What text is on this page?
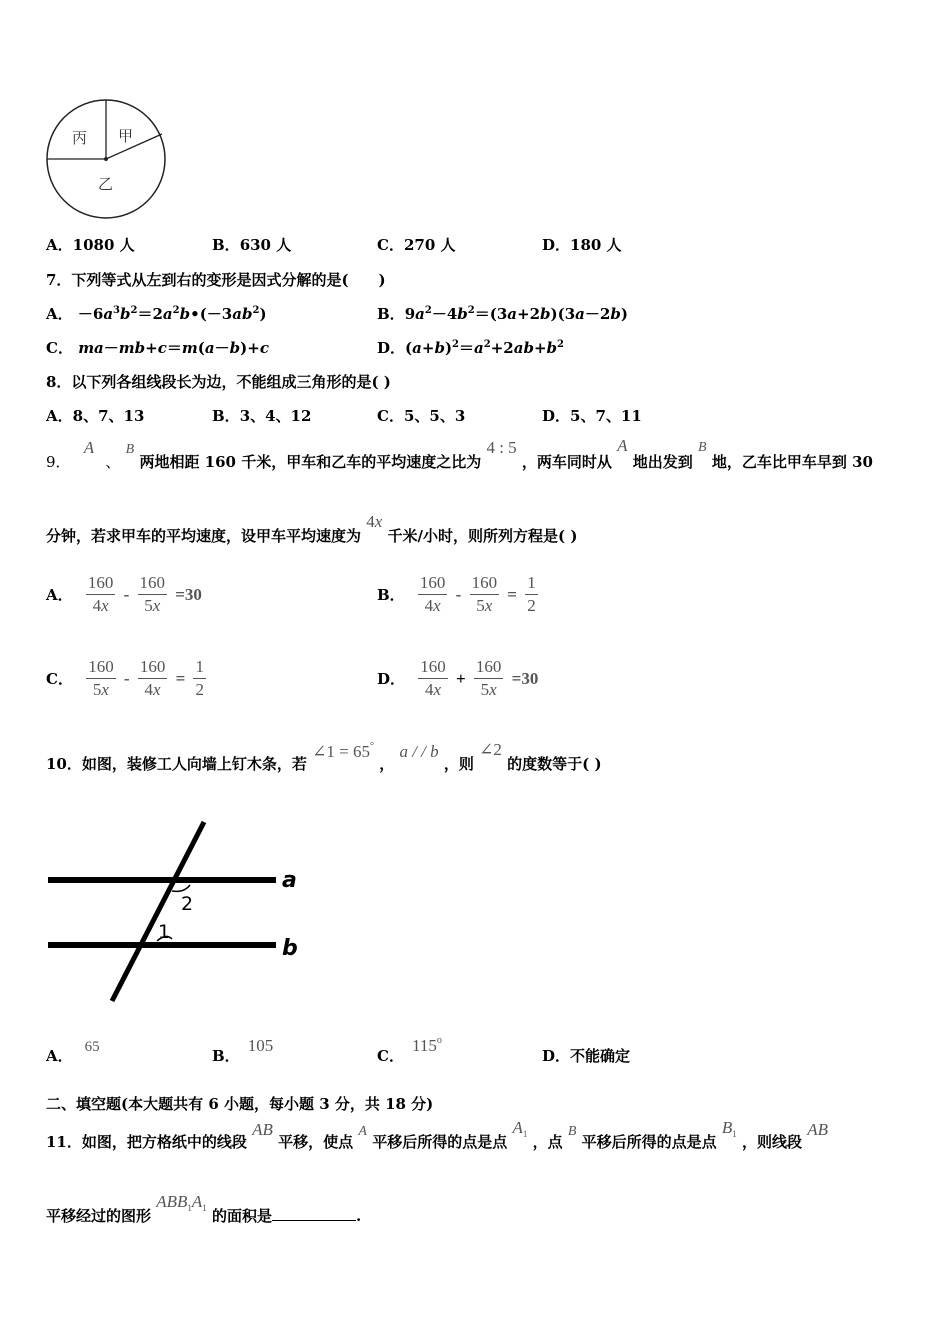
丙 甲
乙
A．1080 人	B．630 人	C．270 人	D．180 人
7．下列等式从左到右的变形是因式分解的是(　　)
A． $-6a^3b^2=2a^2b•(-3ab^2)$	B．$9a^2-4b^2=(3a+2b)(3a-2b)$
C． ma－mb+c＝m(a－b)+c	D．$(a+b)^2=a^2+2ab+b^2$
8．以下列各组线段长为边，不能组成三角形的是( )
A．8、7、13	B．3、4、12	C．5、5、3	D．5、7、11
9． A 、 B 两地相距 160 千米，甲车和乙车的平均速度之比为 4 : 5 ，两车同时从 A 地出发到 B 地，乙车比甲车早到 30
分钟，若求甲车的平均速度，设甲车平均速度为 4x 千米/小时，则所列方程是( )
A． $\frac{160}{4x} - \frac{160}{5x} =30$	B． $\frac{160}{4x} - \frac{160}{5x} = \frac{1}{2}$
C． $\frac{160}{5x} - \frac{160}{4x} = \frac{1}{2}$	D． $\frac{160}{4x} + \frac{160}{5x} =30$
10．如图，装修工人向墙上钉木条，若 ∠1 = 65° ， a / / b ，则 ∠2 的度数等于( )
a
b
2
1
A． 65	B．105
C．115$^o$
D．不能确定
二、填空题(本大题共有 6 小题，每小题 3 分，共 18 分)
11．如图，把方格纸中的线段 AB 平移，使点 A 平移后所得的点是点 A1 ，点 B 平移后所得的点是点 B1 ，则线段 AB
平移经过的图形 $ABB_1A_1$ 的面积是	.
